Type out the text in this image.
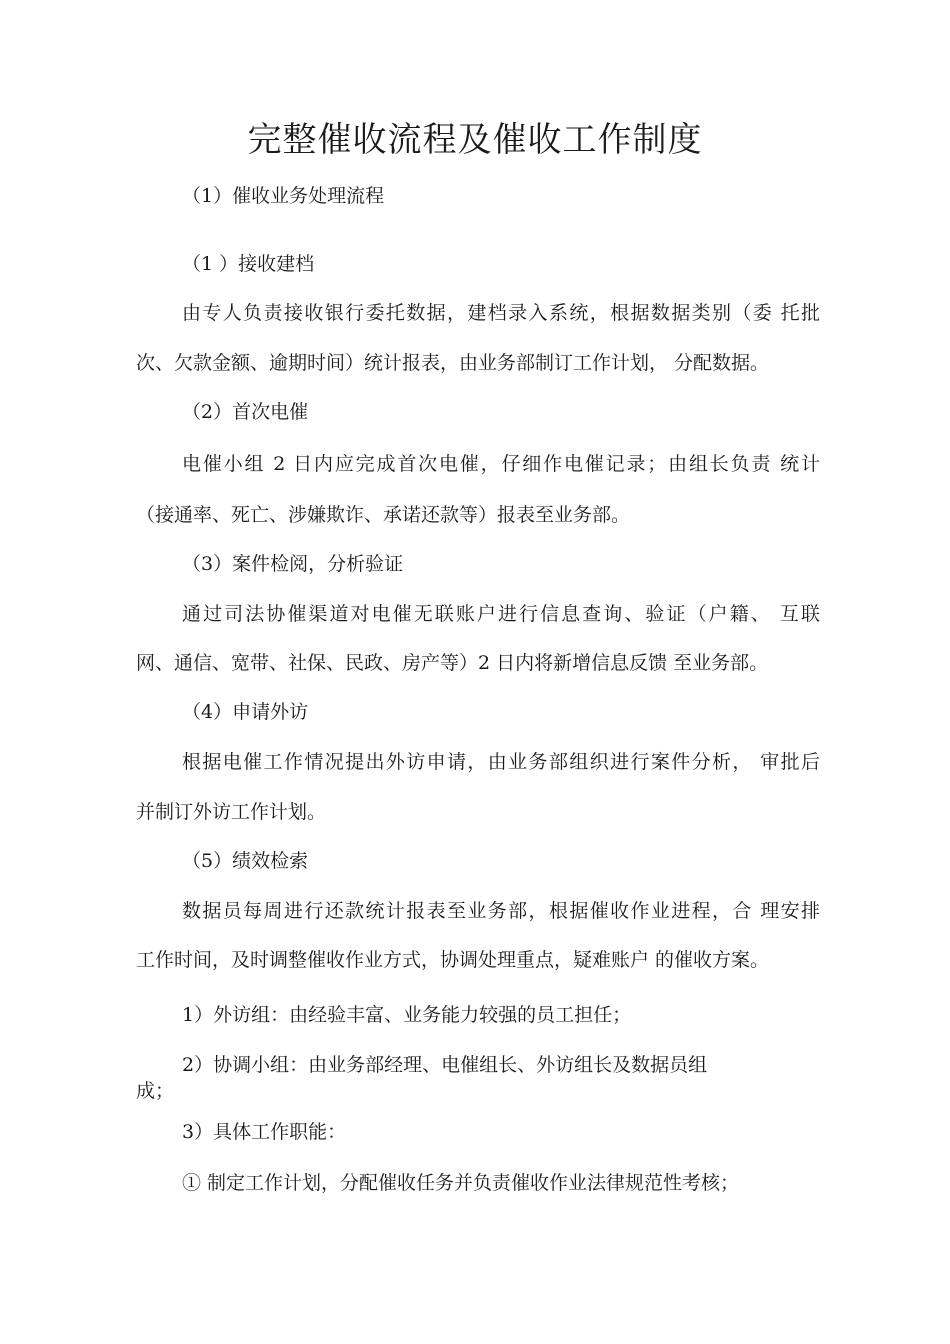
完整催收流程及催收工作制度

（1）催收业务处理流程

（1 ）接收建档

由专人负责接收银行委托数据，建档录入系统，根据数据类别（委 托批

次、欠款金额、逾期时间）统计报表，由业务部制订工作计划， 分配数据。

（2）首次电催

电催小组 2 日内应完成首次电催，仔细作电催记录；由组长负责 统计

（接通率、死亡、涉嫌欺诈、承诺还款等）报表至业务部。

（3）案件检阅，分析验证

通过司法协催渠道对电催无联账户进行信息查询、验证（户籍、 互联

网、通信、宽带、社保、民政、房产等）2 日内将新增信息反馈 至业务部。

（4）申请外访

根据电催工作情况提出外访申请，由业务部组织进行案件分析， 审批后

并制订外访工作计划。

（5）绩效检索

数据员每周进行还款统计报表至业务部，根据催收作业进程，合 理安排

工作时间，及时调整催收作业方式，协调处理重点，疑难账户 的催收方案。

1）外访组：由经验丰富、业务能力较强的员工担任；

2）协调小组：由业务部经理、电催组长、外访组长及数据员组

成；

3）具体工作职能：

① 制定工作计划，分配催收任务并负责催收作业法律规范性考核；
